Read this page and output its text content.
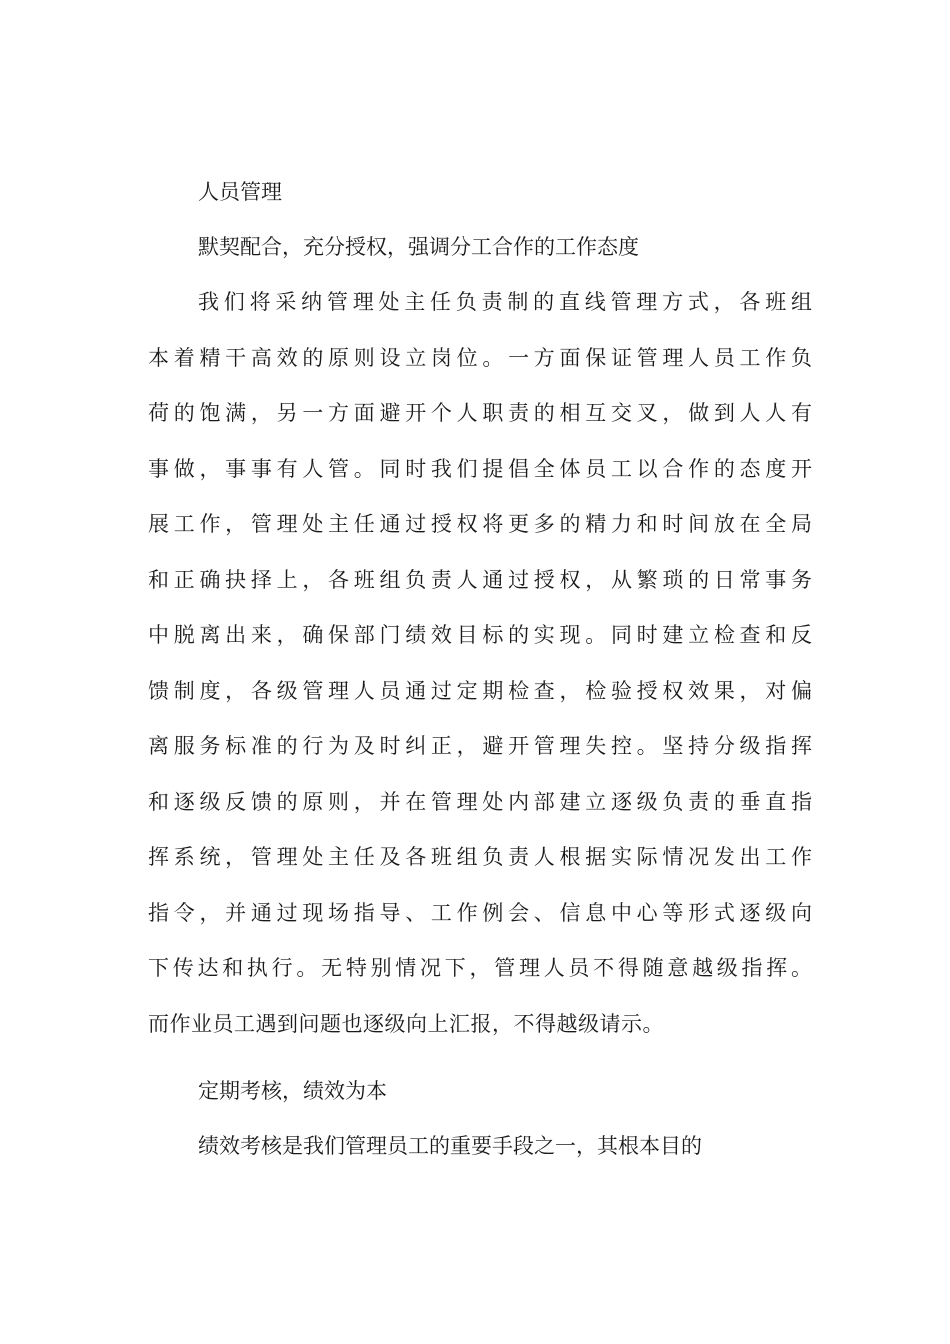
人员管理
默契配合，充分授权，强调分工合作的工作态度
我们将采纳管理处主任负责制的直线管理方式，各班组
本着精干高效的原则设立岗位。一方面保证管理人员工作负
荷的饱满，另一方面避开个人职责的相互交叉，做到人人有
事做，事事有人管。同时我们提倡全体员工以合作的态度开
展工作，管理处主任通过授权将更多的精力和时间放在全局
和正确抉择上，各班组负责人通过授权，从繁琐的日常事务
中脱离出来，确保部门绩效目标的实现。同时建立检查和反
馈制度，各级管理人员通过定期检查，检验授权效果，对偏
离服务标准的行为及时纠正，避开管理失控。坚持分级指挥
和逐级反馈的原则，并在管理处内部建立逐级负责的垂直指
挥系统，管理处主任及各班组负责人根据实际情况发出工作
指令，并通过现场指导、工作例会、信息中心等形式逐级向
下传达和执行。无特别情况下，管理人员不得随意越级指挥。
而作业员工遇到问题也逐级向上汇报，不得越级请示。
定期考核，绩效为本
绩效考核是我们管理员工的重要手段之一，其根本目的
